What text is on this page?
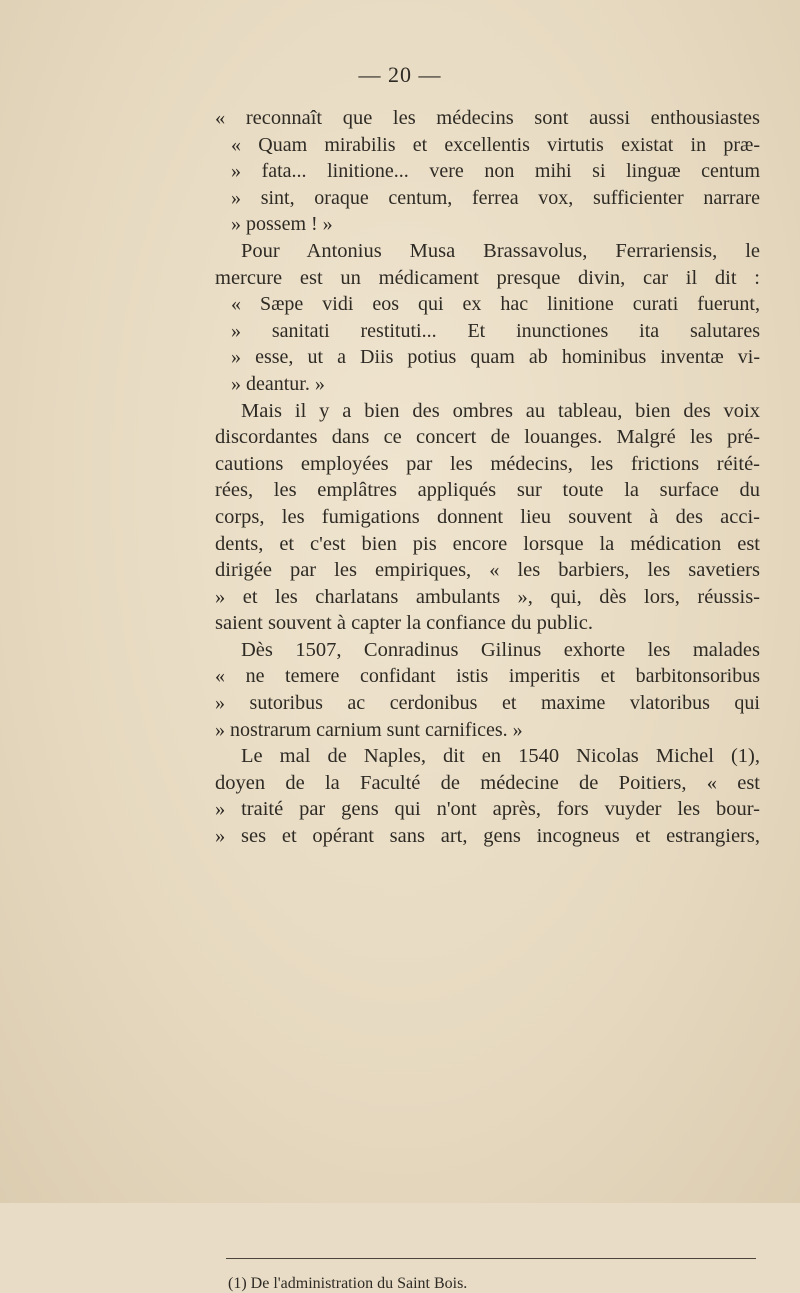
— 20 —
« reconnaît que les médecins sont aussi enthousiastes
« Quam mirabilis et excellentis virtutis existat in præ-
» fata... linitione... vere non mihi si linguæ centum
» sint, oraque centum, ferrea vox, sufficienter narrare
» possem ! »
Pour Antonius Musa Brassavolus, Ferrariensis, le
mercure est un médicament presque divin, car il dit :
« Sæpe vidi eos qui ex hac linitione curati fuerunt,
» sanitati restituti... Et inunctiones ita salutares
» esse, ut a Diis potius quam ab hominibus inventæ vi-
» deantur. »
Mais il y a bien des ombres au tableau, bien des voix
discordantes dans ce concert de louanges. Malgré les pré-
cautions employées par les médecins, les frictions réité-
rées, les emplâtres appliqués sur toute la surface du
corps, les fumigations donnent lieu souvent à des acci-
dents, et c'est bien pis encore lorsque la médication est
dirigée par les empiriques, « les barbiers, les savetiers
» et les charlatans ambulants », qui, dès lors, réussis-
saient souvent à capter la confiance du public.
Dès 1507, Conradinus Gilinus exhorte les malades
« ne temere confidant istis imperitis et barbitonsoribus
» sutoribus ac cerdonibus et maxime vlatoribus qui
» nostrarum carnium sunt carnifices. »
Le mal de Naples, dit en 1540 Nicolas Michel (1),
doyen de la Faculté de médecine de Poitiers, « est
» traité par gens qui n'ont après, fors vuyder les bour-
» ses et opérant sans art, gens incogneus et estrangiers,
(1) De l'administration du Saint Bois.
